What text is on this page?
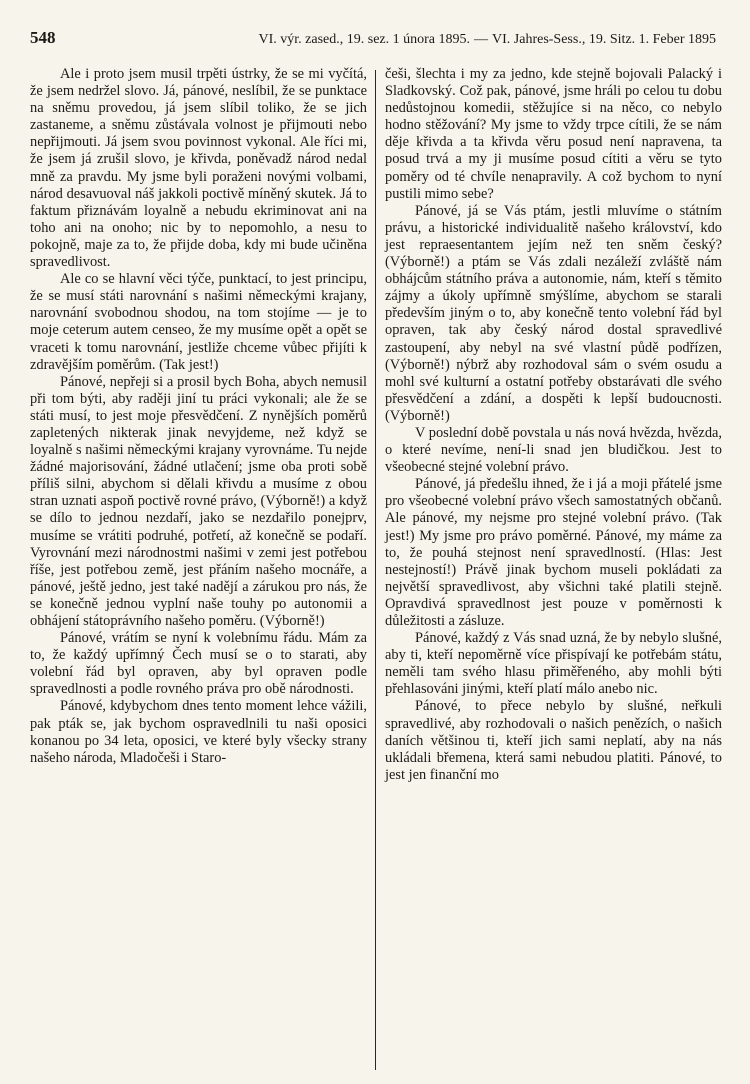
548	VI. výr. zased., 19. sez. 1 února 1895. — VI. Jahres-Sess., 19. Sitz. 1. Feber 1895

Ale i proto jsem musil trpěti ústrky, že se mi vyčítá, že jsem nedržel slovo. Já, pánové, neslíbil, že se punktace na sněmu provedou, já jsem slíbil toliko, že se jich zastaneme, a sněmu zůstávala volnost je přijmouti nebo nepřijmouti. Já jsem svou povinnost vykonal. Ale říci mi, že jsem já zrušil slovo, je křivda, poněvadž národ nedal mně za pravdu. My jsme byli poraženi novými volbami, národ desavuoval náš jakkoli poctivě míněný skutek. Já to faktum přiznávám loyalně a nebudu ekriminovat ani na toho ani na onoho; nic by to nepomohlo, a nesu to pokojně, maje za to, že přijde doba, kdy mi bude učiněna spravedlivost.

Ale co se hlavní věci týče, punktací, to jest principu, že se musí státi narovnání s našimi německými krajany, narovnání svobodnou shodou, na tom stojíme — je to moje ceterum autem censeo, že my musíme opět a opět se vraceti k tomu narovnání, jestliže chceme vůbec přijíti k zdravějším poměrům. (Tak jest!)

Pánové, nepřeji si a prosil bych Boha, abych nemusil při tom býti, aby raději jiní tu práci vykonali; ale že se státi musí, to jest moje přesvědčení. Z nynějších poměrů zapletených nikterak jinak nevyjdeme, než když se loyalně s našimi německými krajany vyrovnáme. Tu nejde žádné majorisování, žádné utlačení; jsme oba proti sobě příliš silni, abychom si dělali křivdu a musíme z obou stran uznati aspoň poctivě rovné právo, (Výborně!) a když se dílo to jednou nezdaří, jako se nezdařilo ponejprv, musíme se vrátiti podruhé, potřetí, až konečně se podaří. Vyrovnání mezi národnostmi našimi v zemi jest potřebou říše, jest potřebou země, jest přáním našeho mocnáře, a pánové, ještě jedno, jest také nadějí a zárukou pro nás, že se konečně jednou vyplní naše touhy po autonomii a obhájení státoprávního našeho poměru. (Výborně!)

Pánové, vrátím se nyní k volebnímu řádu. Mám za to, že každý upřímný Čech musí se o to starati, aby volební řád byl opraven, aby byl opraven podle spravedlnosti a podle rovného práva pro obě národnosti.

Pánové, kdybychom dnes tento moment lehce vážili, pak pták se, jak bychom ospravedlnili tu naši oposici konanou po 34 leta, oposici, ve které byly všecky strany našeho národa, Mladočeši i Staro-

češi, šlechta i my za jedno, kde stejně bojovali Palacký i Sladkovský. Což pak, pánové, jsme hráli po celou tu dobu nedůstojnou komedii, stěžujíce si na něco, co nebylo hodno stěžování? My jsme to vždy trpce cítili, že se nám děje křivda a ta křivda věru posud není napravena, ta posud trvá a my ji musíme posud cítiti a věru se tyto poměry od té chvíle nenapravily. A což bychom to nyní pustili mimo sebe?

Pánové, já se Vás ptám, jestli mluvíme o státním právu, a historické individualitě našeho království, kdo jest repraesentantem jejím než ten sněm český? (Výborně!) a ptám se Vás zdali nezáleží zvláště nám obhájcům státního práva a autonomie, nám, kteří s těmito zájmy a úkoly upřímně smýšlíme, abychom se starali především jiným o to, aby konečně tento volební řád byl opraven, tak aby český národ dostal spravedlivé zastoupení, aby nebyl na své vlastní půdě podřízen, (Výborně!) nýbrž aby rozhodoval sám o svém osudu a mohl své kulturní a ostatní potřeby obstarávati dle svého přesvědčení a zdání, a dospěti k lepší budoucnosti. (Výborně!)

V poslední době povstala u nás nová hvězda, hvězda, o které nevíme, není-li snad jen bludičkou. Jest to všeobecné stejné volební právo.

Pánové, já předešlu ihned, že i já a moji přátelé jsme pro všeobecné volební právo všech samostatných občanů. Ale pánové, my nejsme pro stejné volební právo. (Tak jest!) My jsme pro právo poměrné. Pánové, my máme za to, že pouhá stejnost není spravedlností. (Hlas: Jest nestejností!) Právě jinak bychom museli pokládati za největší spravedlivost, aby všichni také platili stejně. Opravdivá spravedlnost jest pouze v poměrnosti k důležitosti a zásluze.

Pánové, každý z Vás snad uzná, že by nebylo slušné, aby ti, kteří nepoměrně více přispívají ke potřebám státu, neměli tam svého hlasu přiměřeného, aby mohli býti přehlasováni jinými, kteří platí málo anebo nic.

Pánové, to přece nebylo by slušné, neřkuli spravedlivé, aby rozhodovali o našich penězích, o našich daních většinou ti, kteří jich sami neplatí, aby na nás ukládali břemena, která sami nebudou platiti. Pánové, to jest jen finanční mo
